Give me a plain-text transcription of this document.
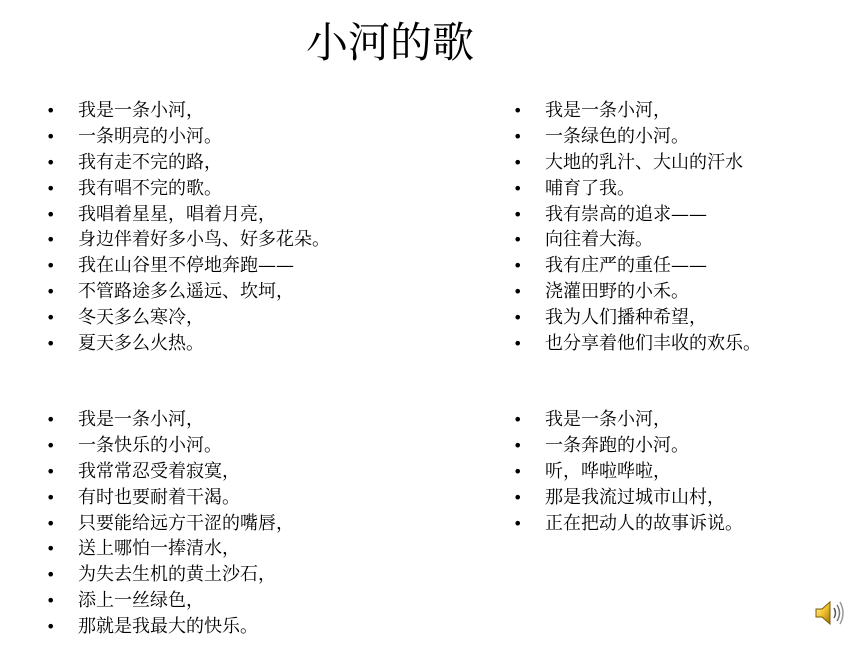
小河的歌
• 我是一条小河，
• 一条明亮的小河。
• 我有走不完的路，
• 我有唱不完的歌。
• 我唱着星星，唱着月亮，
• 身边伴着好多小鸟、好多花朵。
• 我在山谷里不停地奔跑——
• 不管路途多么遥远、坎坷，
• 冬天多么寒冷，
• 夏天多么火热。
• 我是一条小河，
• 一条绿色的小河。
• 大地的乳汁、大山的汗水
• 哺育了我。
• 我有崇高的追求——
• 向往着大海。
• 我有庄严的重任——
• 浇灌田野的小禾。
• 我为人们播种希望，
• 也分享着他们丰收的欢乐。
• 我是一条小河，
• 一条快乐的小河。
• 我常常忍受着寂寞，
• 有时也要耐着干渴。
• 只要能给远方干涩的嘴唇，
• 送上哪怕一捧清水，
• 为失去生机的黄土沙石，
• 添上一丝绿色，
• 那就是我最大的快乐。
• 我是一条小河，
• 一条奔跑的小河。
• 听，哗啦哗啦，
• 那是我流过城市山村，
• 正在把动人的故事诉说。
